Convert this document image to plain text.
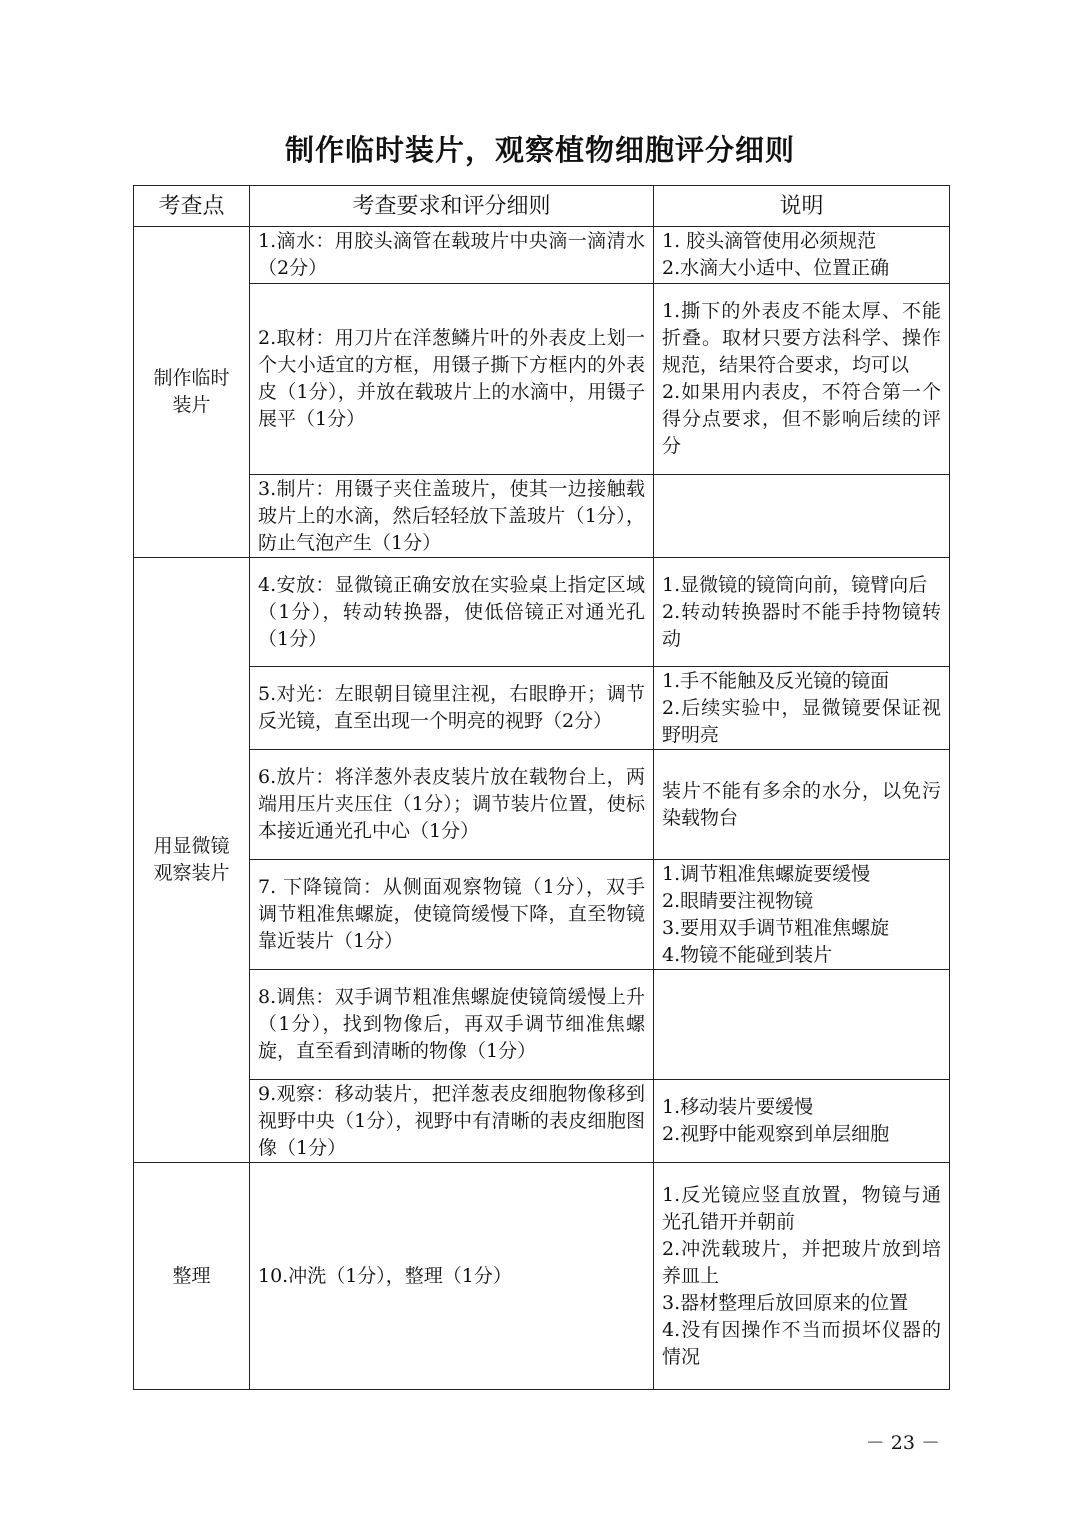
制作临时装片，观察植物细胞评分细则
考查点	考查要求和评分细则	说明
制作临时装片	1.滴水：用胶头滴管在载玻片中央滴一滴清水（2分）	1. 胶头滴管使用必须规范
2.水滴大小适中、位置正确

	2.取材：用刀片在洋葱鳞片叶的外表皮上划一个大小适宜的方框，用镊子撕下方框内的外表皮（1分），并放在载玻片上的水滴中，用镊子展平（1分）	1.撕下的外表皮不能太厚、不能折叠。取材只要方法科学、操作规范，结果符合要求，均可以
2.如果用内表皮，不符合第一个得分点要求，但不影响后续的评分

	3.制片：用镊子夹住盖玻片，使其一边接触载玻片上的水滴，然后轻轻放下盖玻片（1分），防止气泡产生（1分）	
用显微镜观察装片	4.安放：显微镜正确安放在实验桌上指定区域（1分），转动转换器，使低倍镜正对通光孔（1分）	1.显微镜的镜筒向前，镜臂向后
2.转动转换器时不能手持物镜转动

	5.对光：左眼朝目镜里注视，右眼睁开；调节反光镜，直至出现一个明亮的视野（2分）	1.手不能触及反光镜的镜面
2.后续实验中，显微镜要保证视野明亮

	6.放片：将洋葱外表皮装片放在载物台上，两端用压片夹压住（1分）；调节装片位置，使标本接近通光孔中心（1分）	装片不能有多余的水分，以免污染载物台

	7. 下降镜筒：从侧面观察物镜（1分），双手调节粗准焦螺旋，使镜筒缓慢下降，直至物镜靠近装片（1分）	1.调节粗准焦螺旋要缓慢
2.眼睛要注视物镜
3.要用双手调节粗准焦螺旋
4.物镜不能碰到装片

	8.调焦：双手调节粗准焦螺旋使镜筒缓慢上升（1分），找到物像后，再双手调节细准焦螺旋，直至看到清晰的物像（1分）	
	9.观察：移动装片，把洋葱表皮细胞物像移到视野中央（1分），视野中有清晰的表皮细胞图像（1分）	1.移动装片要缓慢
2.视野中能观察到单层细胞

整理	10.冲洗（1分），整理（1分）	1.反光镜应竖直放置，物镜与通光孔错开并朝前
2.冲洗载玻片，并把玻片放到培养皿上
3.器材整理后放回原来的位置
4.没有因操作不当而损坏仪器的情况
－ 23 －
